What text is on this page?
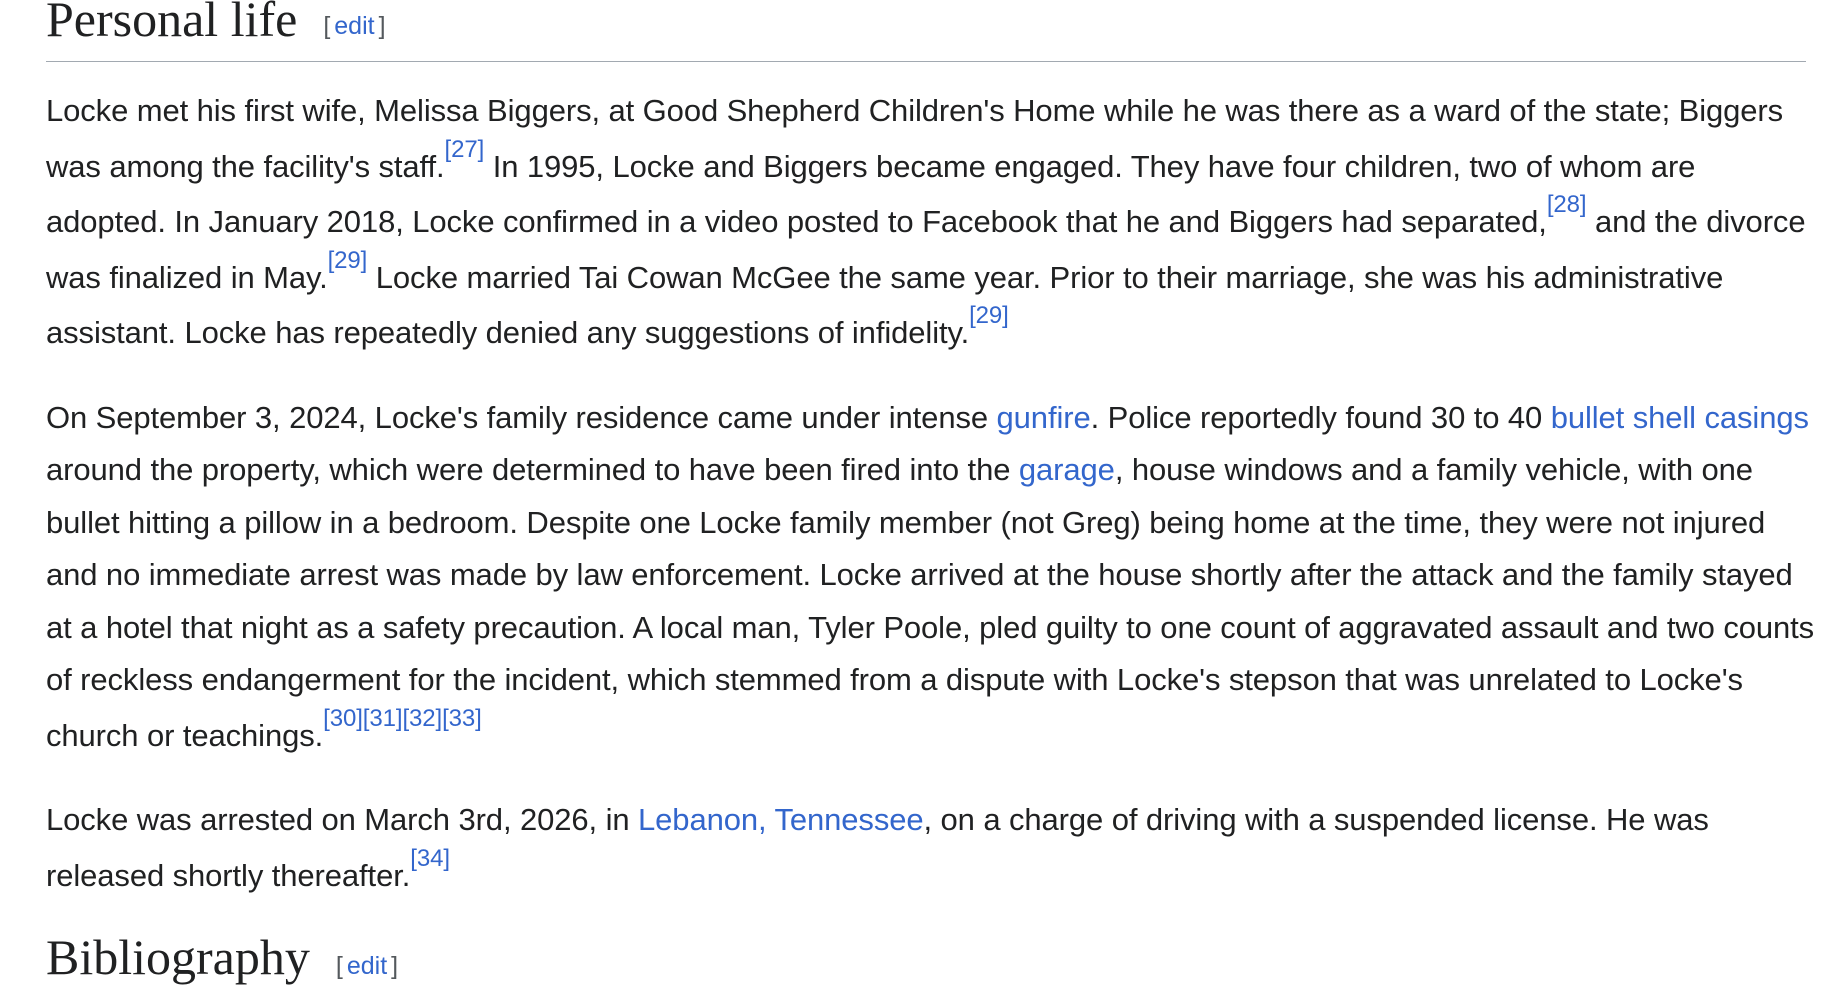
Personal life [ edit ]

Locke met his first wife, Melissa Biggers, at Good Shepherd Children's Home while he was there as a ward of the state; Biggers was among the facility's staff.[27] In 1995, Locke and Biggers became engaged. They have four children, two of whom are adopted. In January 2018, Locke confirmed in a video posted to Facebook that he and Biggers had separated,[28] and the divorce was finalized in May.[29] Locke married Tai Cowan McGee the same year. Prior to their marriage, she was his administrative assistant. Locke has repeatedly denied any suggestions of infidelity.[29]

On September 3, 2024, Locke's family residence came under intense gunfire. Police reportedly found 30 to 40 bullet shell casings around the property, which were determined to have been fired into the garage, house windows and a family vehicle, with one bullet hitting a pillow in a bedroom. Despite one Locke family member (not Greg) being home at the time, they were not injured and no immediate arrest was made by law enforcement. Locke arrived at the house shortly after the attack and the family stayed at a hotel that night as a safety precaution. A local man, Tyler Poole, pled guilty to one count of aggravated assault and two counts of reckless endangerment for the incident, which stemmed from a dispute with Locke's stepson that was unrelated to Locke's church or teachings.[30][31][32][33]

Locke was arrested on March 3rd, 2026, in Lebanon, Tennessee, on a charge of driving with a suspended license. He was released shortly thereafter.[34]

Bibliography [ edit ]
